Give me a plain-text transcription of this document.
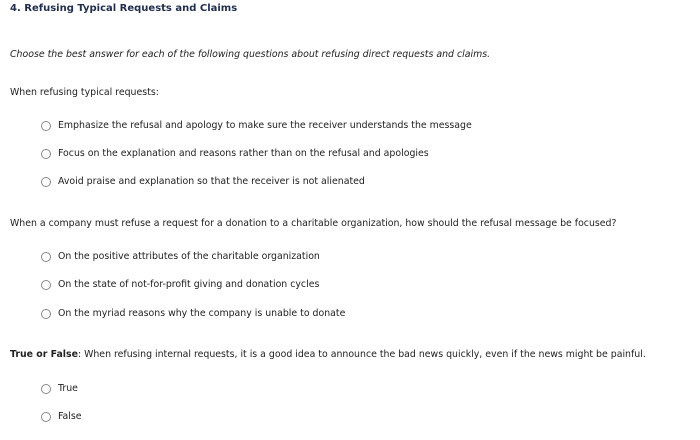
4. Refusing Typical Requests and Claims
Choose the best answer for each of the following questions about refusing direct requests and claims.
When refusing typical requests:
Emphasize the refusal and apology to make sure the receiver understands the message
Focus on the explanation and reasons rather than on the refusal and apologies
Avoid praise and explanation so that the receiver is not alienated
When a company must refuse a request for a donation to a charitable organization, how should the refusal message be focused?
On the positive attributes of the charitable organization
On the state of not-for-profit giving and donation cycles
On the myriad reasons why the company is unable to donate
True or False: When refusing internal requests, it is a good idea to announce the bad news quickly, even if the news might be painful.
True
False
